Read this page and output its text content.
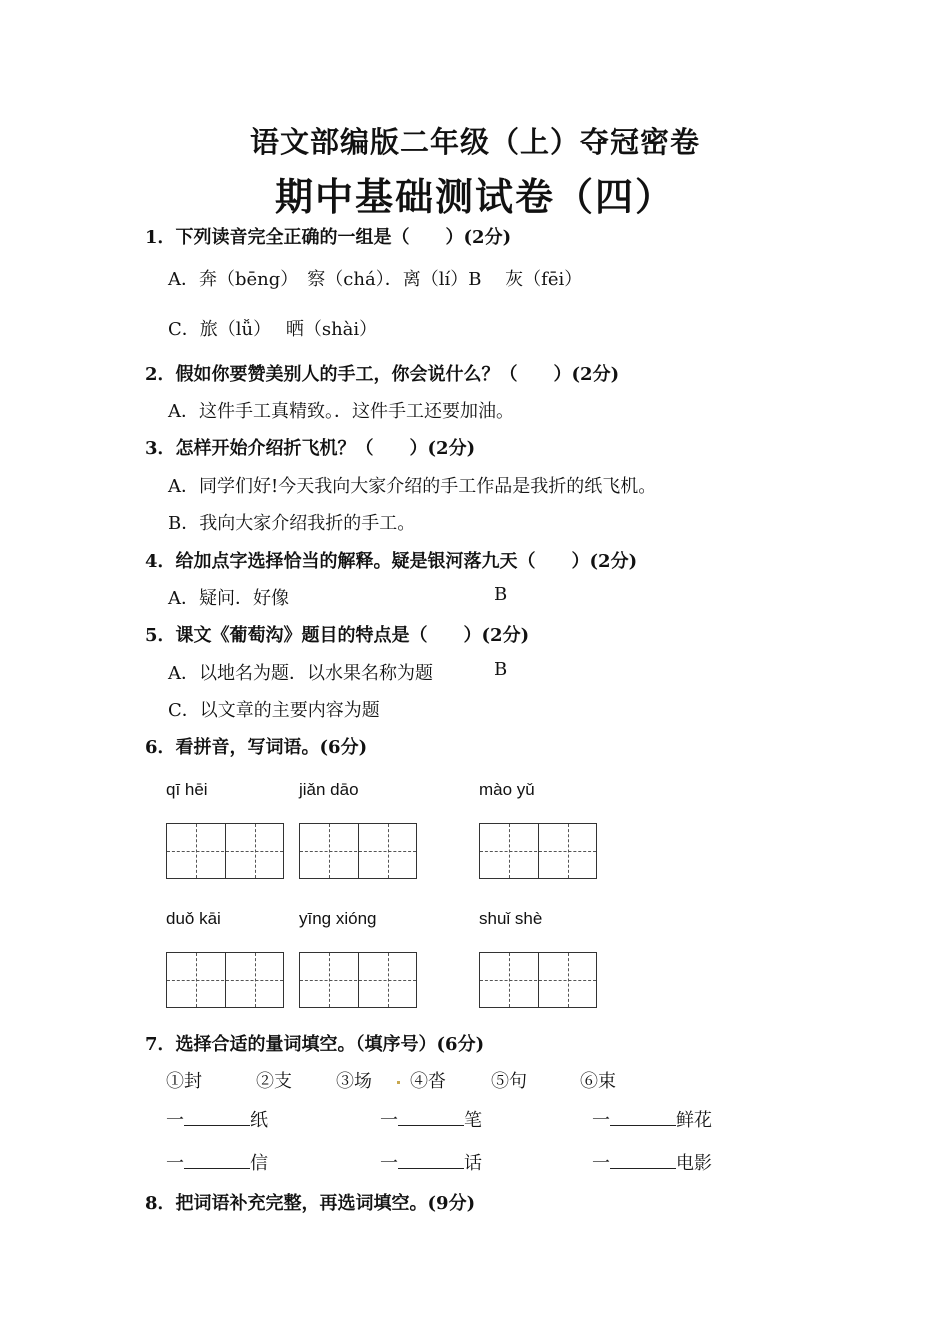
语文部编版二年级（上）夺冠密卷
期中基础测试卷（四）
1．下列读音完全正确的一组是（　　）(2分)
A．奔（bēng）　察（chá）．离（lí）B　 灰（fēi）
C．旅（lǚ）　 晒（shài）
2．假如你要赞美别人的手工，你会说什么？（　　）(2分)
A．这件手工真精致。．这件手工还要加油。
3．怎样开始介绍折飞机？（　　）(2分)
A．同学们好!今天我向大家介绍的手工作品是我折的纸飞机。
B．我向大家介绍我折的手工。
4．给加点字选择恰当的解释。疑是银河落九天（　　）(2分)
A．疑问．好像	B
5．课文《葡萄沟》题目的特点是（　　）(2分)
A．以地名为题．以水果名称为题	B
C．以文章的主要内容为题
6．看拼音，写词语。(6分)
qī hēi	jiǎn dāo	mào yǔ
duǒ kāi	yīng xióng	shuǐ shè
7．选择合适的量词填空。（填序号）(6分)
①封	②支 ③场 ④沓	⑤句	⑥束
一	纸	一	笔	一	鲜花
一	信	一	话	一	电影
8．把词语补充完整，再选词填空。(9分)
